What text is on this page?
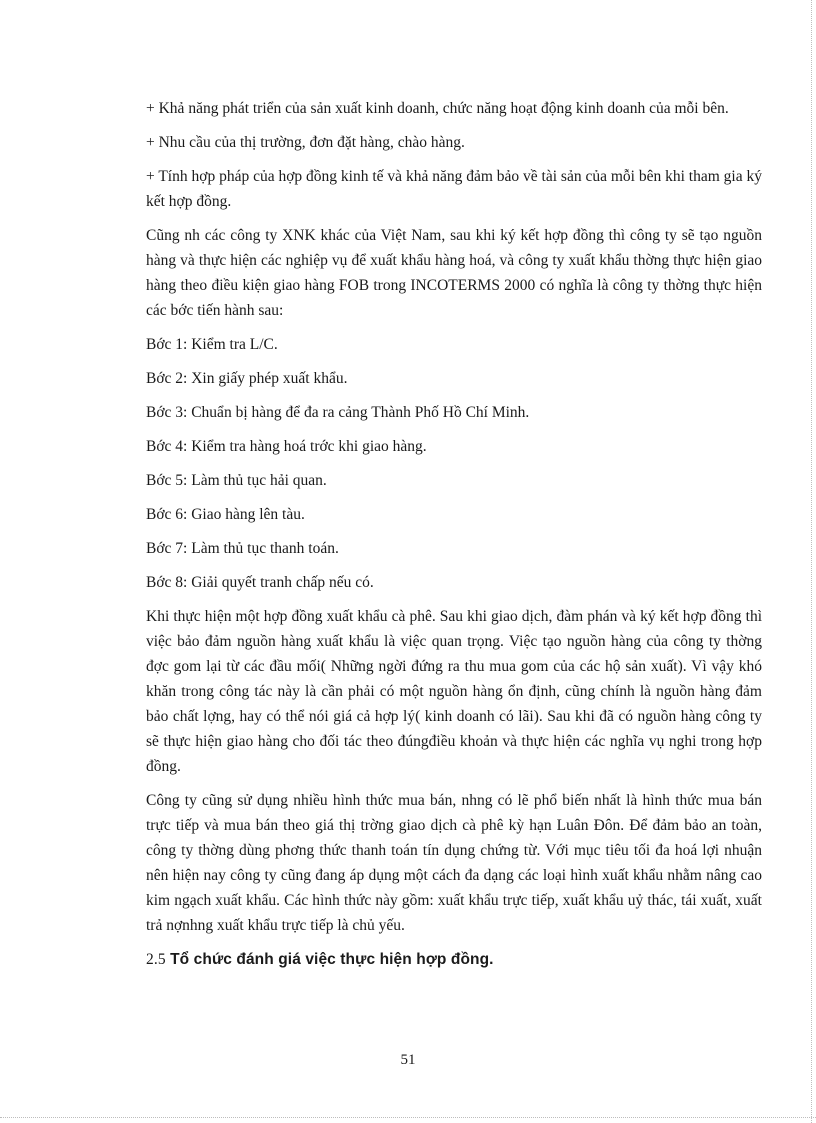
+ Khả năng phát triển của sản xuất kinh doanh, chức năng hoạt động kinh doanh của mỗi bên.

+ Nhu cầu của thị trường, đơn đặt hàng, chào hàng.

+ Tính hợp pháp của hợp đồng kinh tế và khả năng đảm bảo về tài sản của mỗi bên khi tham gia ký kết hợp đồng.

Cũng nh các công ty XNK khác của Việt Nam, sau khi ký kết hợp đồng thì công ty sẽ tạo nguồn hàng và thực hiện các nghiệp vụ để xuất khẩu hàng hoá, và công ty xuất khẩu thờng thực hiện giao hàng theo điều kiện giao hàng FOB trong INCOTERMS 2000 có nghĩa là công ty thờng thực hiện các bớc tiến hành sau:

Bớc 1: Kiểm tra L/C.

Bớc 2: Xin giấy phép xuất khẩu.

Bớc 3: Chuẩn bị hàng để đa ra cảng Thành Phố Hồ Chí Minh.

Bớc 4: Kiểm tra hàng hoá trớc khi giao hàng.

Bớc 5: Làm thủ tục hải quan.

Bớc 6: Giao hàng lên tàu.

Bớc 7: Làm thủ tục thanh toán.

Bớc 8: Giải quyết tranh chấp nếu có.

Khi thực hiện một hợp đồng xuất khẩu cà phê. Sau khi giao dịch, đàm phán và ký kết hợp đồng thì việc bảo đảm nguồn hàng xuất khẩu là việc quan trọng. Việc tạo nguồn hàng của công ty thờng đợc gom lại từ các đầu mối( Những ngời đứng ra thu mua gom của các hộ sản xuất). Vì vậy khó khăn trong công tác này là cần phải có một nguồn hàng ổn định, cũng chính là nguồn hàng đảm bảo chất lợng, hay có thể nói giá cả hợp lý( kinh doanh có lãi). Sau khi đã có nguồn hàng công ty sẽ thực hiện giao hàng cho đối tác theo đúngđiều khoản và thực hiện các nghĩa vụ nghi trong hợp đồng.

Công ty cũng sử dụng nhiều hình thức mua bán, nhng có lẽ phổ biến nhất là hình thức mua bán trực tiếp và mua bán theo giá thị trờng giao dịch cà phê kỳ hạn Luân Đôn. Để đảm bảo an toàn, công ty thờng dùng phơng thức thanh toán tín dụng chứng từ. Với mục tiêu tối đa hoá lợi nhuận nên hiện nay công ty cũng đang áp dụng một cách đa dạng các loại hình xuất khẩu nhằm nâng cao kim ngạch xuất khẩu. Các hình thức này gồm: xuất khẩu trực tiếp, xuất khẩu uỷ thác, tái xuất, xuất trả nợnhng xuất khẩu trực tiếp là chủ yếu.

2.5 Tổ chức đánh giá việc thực hiện hợp đồng.

51
